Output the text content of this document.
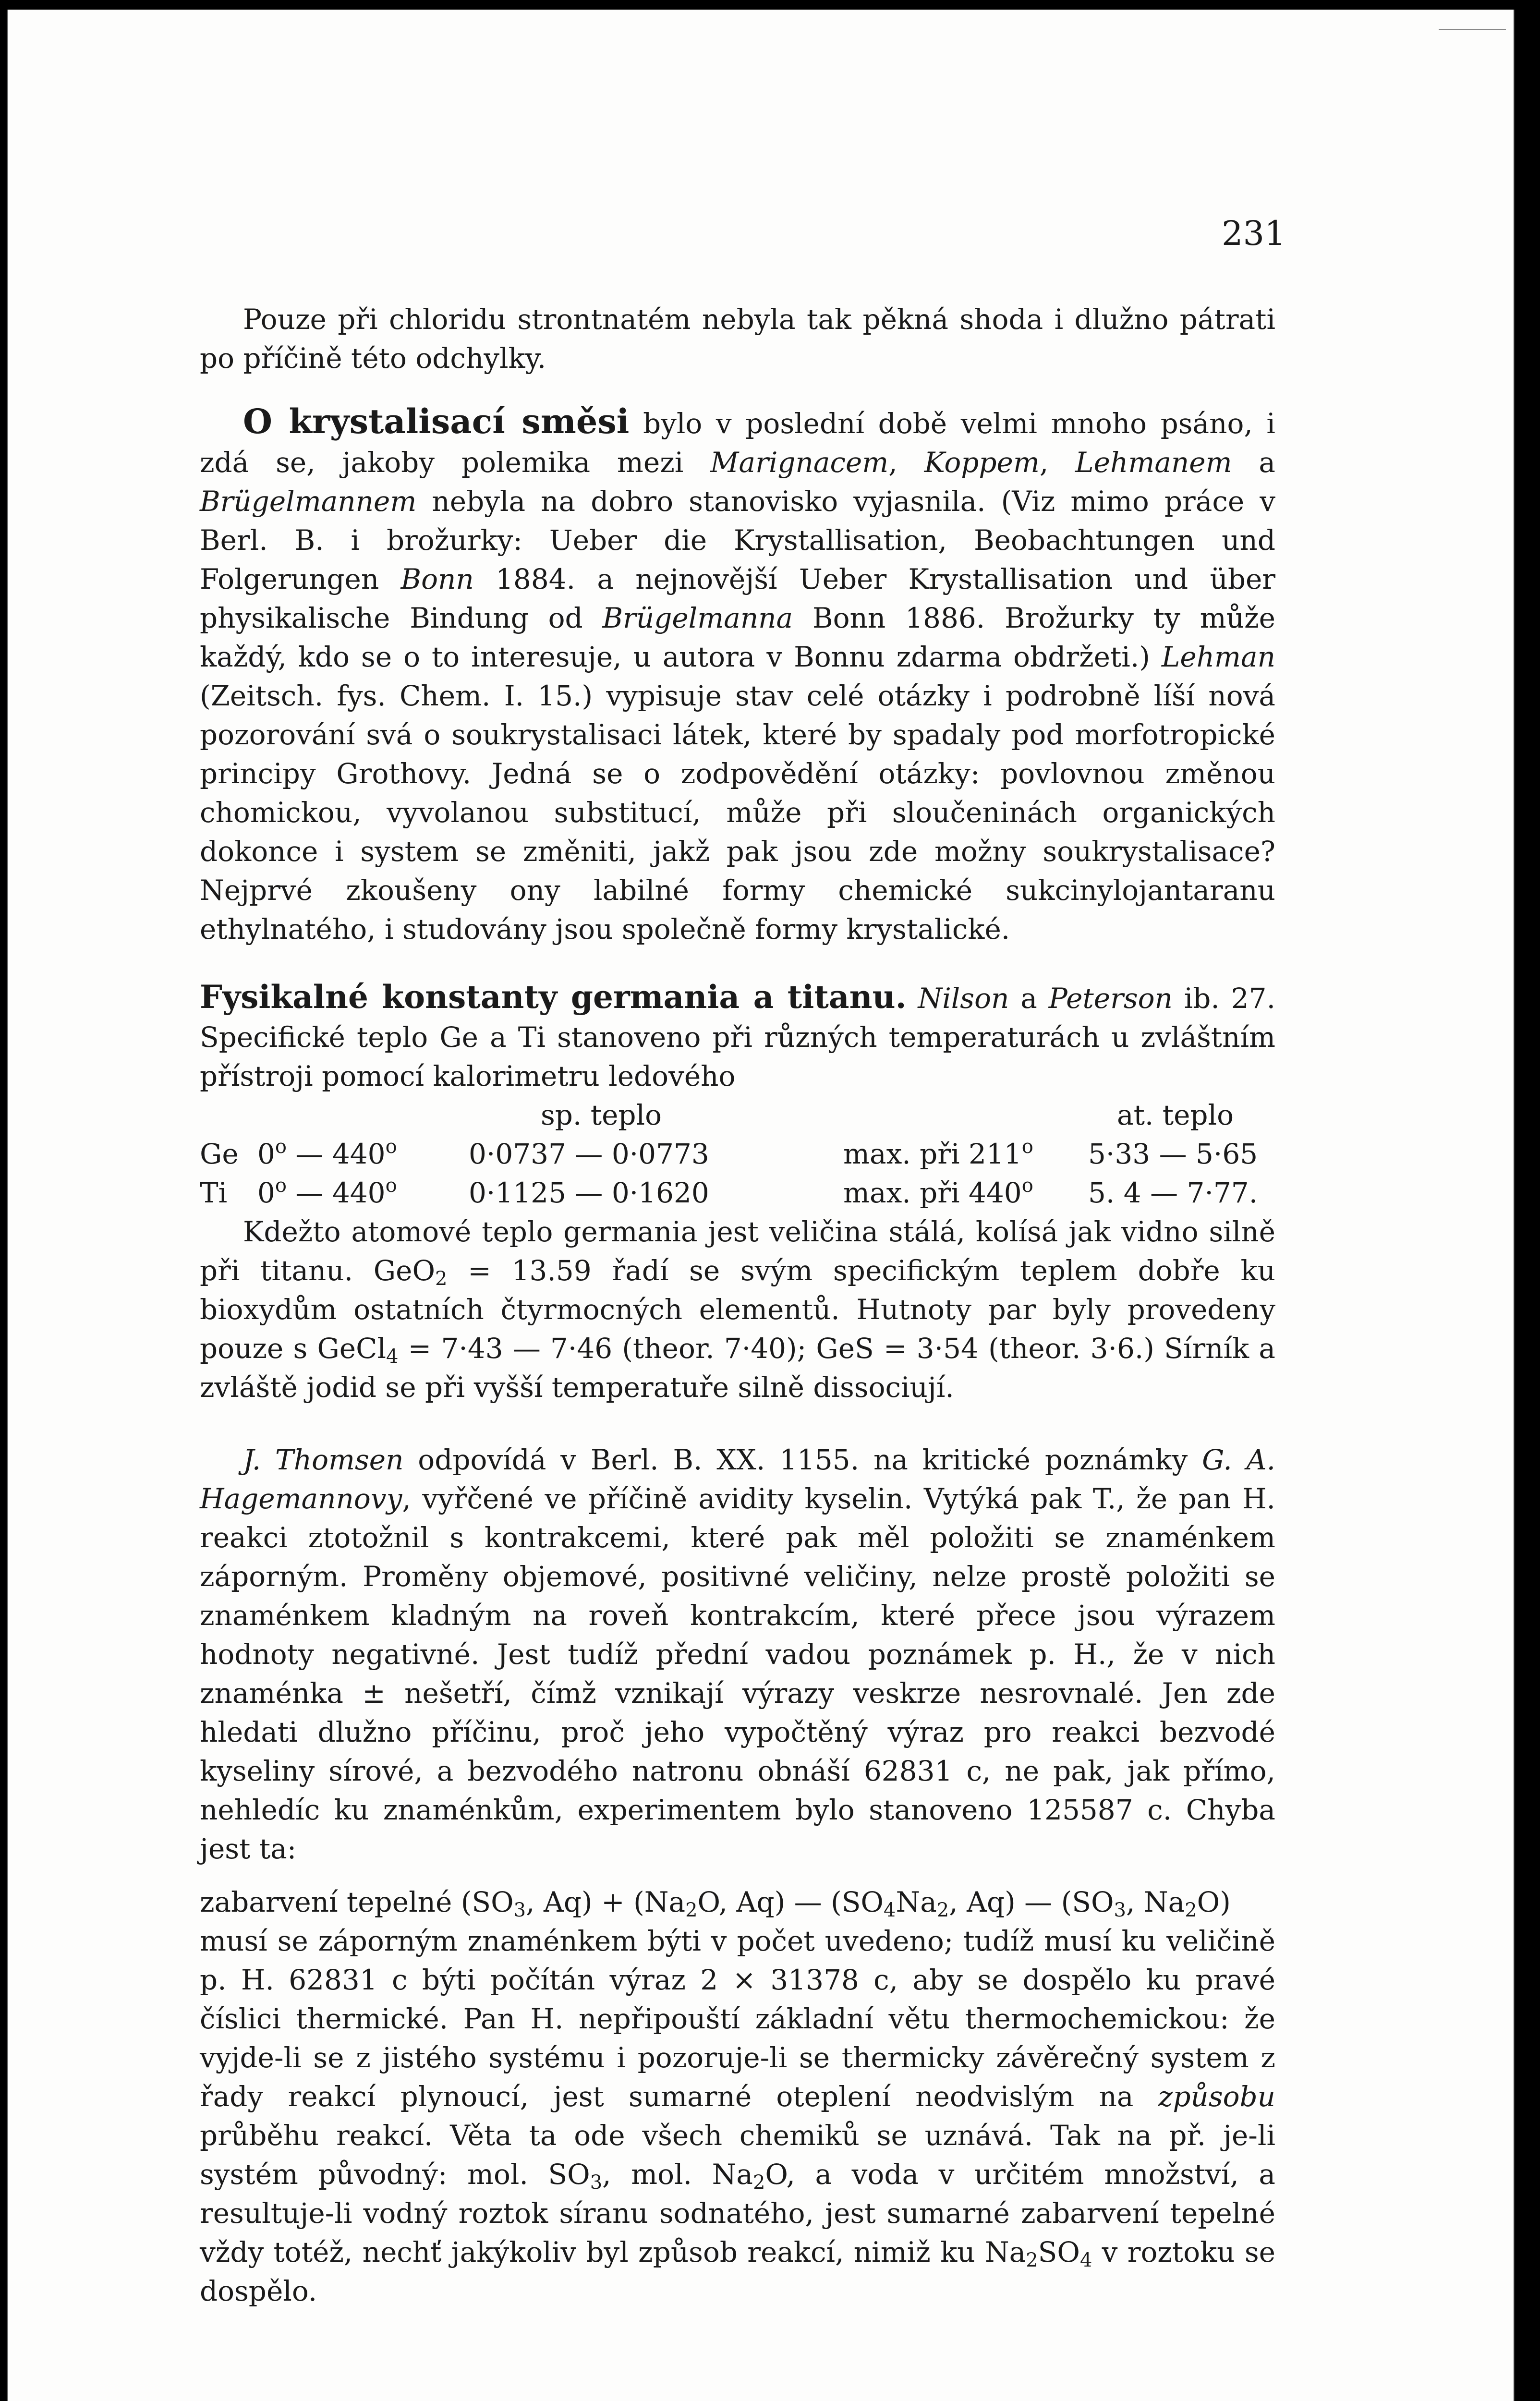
231

Pouze při chloridu strontnatém nebyla tak pěkná shoda i dlužno pátrati po příčině této odchylky.

O krystalisací směsi bylo v poslední době velmi mnoho psáno, i zdá se, jakoby polemika mezi Marignacem, Koppem, Lehmanem a Brügelmannem nebyla na dobro stanovisko vyjasnila. (Viz mimo práce v Berl. B. i brožurky: Ueber die Krystallisation, Beobachtungen und Folgerungen Bonn 1884. a nejnovější Ueber Krystallisation und über physikalische Bindung od Brügelmanna Bonn 1886. Brožurky ty může každý, kdo se o to interesuje, u autora v Bonnu zdarma obdržeti.) Lehman (Zeitsch. fys. Chem. I. 15.) vypisuje stav celé otázky i podrobně líší nová pozorování svá o soukrystalisaci látek, které by spadaly pod morfotropické principy Grothovy. Jedná se o zodpovědění otázky: povlovnou změnou chomickou, vyvolanou substitucí, může při sloučeninách organických dokonce i system se změniti, jakž pak jsou zde možny soukrystalisace? Nejprvé zkoušeny ony labilné formy chemické sukcinylojantaranu ethylnatého, i studovány jsou společně formy krystalické.

Fysikalné konstanty germania a titanu. Nilson a Peterson ib. 27. Specifické teplo Ge a Ti stanoveno při různých temperaturách u zvláštním přístroji pomocí kalorimetru ledového

		sp. teplo		at. teplo
Ge	0$^o$ — 440$^o$	0·0737 — 0·0773	max. při 211$^o$	5·33 — 5·65
Ti	0$^o$ — 440$^o$	0·1125 — 0·1620	max. při 440$^o$	5. 4 — 7·77.

Kdežto atomové teplo germania jest veličina stálá, kolísá jak vidno silně při titanu. GeO$_2$ = 13.59 řadí se svým specifickým teplem dobře ku bioxydům ostatních čtyrmocných elementů. Hutnoty par byly provedeny pouze s GeCl$_4$ = 7·43 — 7·46 (theor. 7·40); GeS = 3·54 (theor. 3·6.) Sírník a zvláště jodid se při vyšší temperatuře silně dissociují.

J. Thomsen odpovídá v Berl. B. XX. 1155. na kritické poznámky G. A. Hagemannovy, vyřčené ve příčině avidity kyselin. Vytýká pak T., že pan H. reakci ztotožnil s kontrakcemi, které pak měl položiti se znaménkem záporným. Proměny objemové, positivné veličiny, nelze prostě položiti se znaménkem kladným na roveň kontrakcím, které přece jsou výrazem hodnoty negativné. Jest tudíž přední vadou poznámek p. H., že v nich znaménka ± nešetří, čímž vznikají výrazy veskrze nesrovnalé. Jen zde hledati dlužno příčinu, proč jeho vypočtěný výraz pro reakci bezvodé kyseliny sírové, a bezvodého natronu obnáší 62831 c, ne pak, jak přímo, nehledíc ku znaménkům, experimentem bylo stanoveno 125587 c. Chyba jest ta:

zabarvení tepelné ($SO_3$, $Aq) + (Na_2O$, Aq) — ($SO_4Na_2$, Aq) — ($SO_3$, $Na_2O$)

musí se záporným znaménkem býti v počet uvedeno; tudíž musí ku veličině p. H. 62831 c býti počítán výraz 2 × 31378 c, aby se dospělo ku pravé číslici thermické. Pan H. nepřipouští základní větu thermochemickou: že vyjde-li se z jistého systému i pozoruje-li se thermicky závěrečný system z řady reakcí plynoucí, jest sumarné oteplení neodvislým na způsobu průběhu reakcí. Věta ta ode všech chemiků se uznává. Tak na př. je-li systém původný: mol. $SO_3$, mol. $Na_2O$, a voda v určitém množství, a resultuje-li vodný roztok síranu sodnatého, jest sumarné zabarvení tepelné vždy totéž, nechť jakýkoliv byl způsob reakcí, nimiž ku $Na_2SO_4$ v roztoku se dospělo.
